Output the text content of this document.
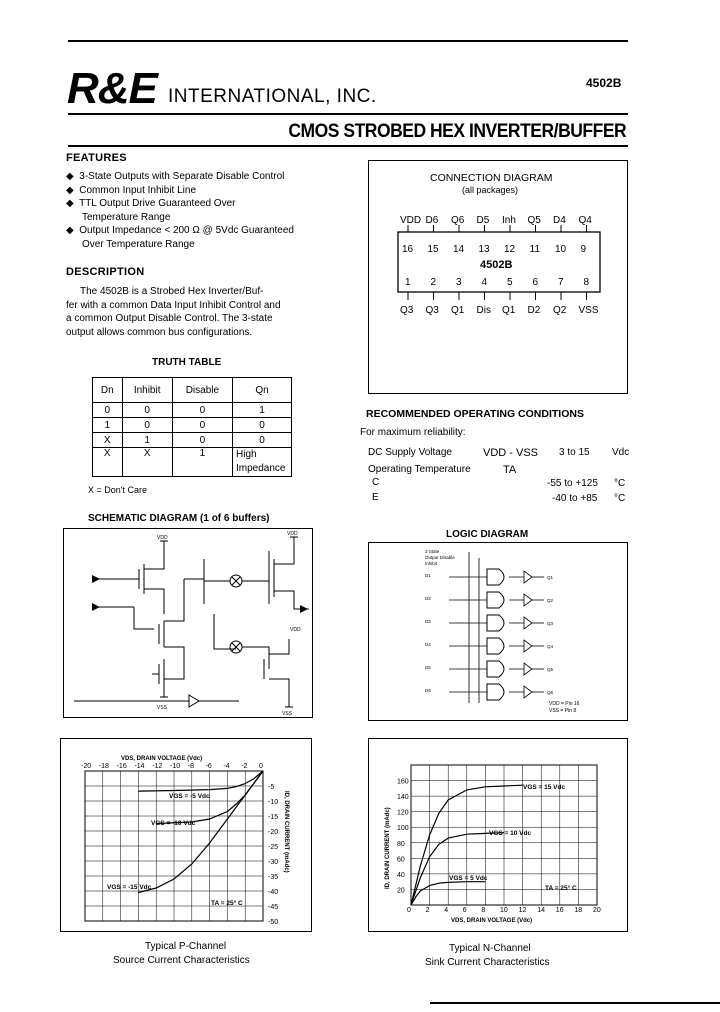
R&E INTERNATIONAL, INC.
4502B
CMOS STROBED HEX INVERTER/BUFFER
FEATURES
◆ 3-State Outputs with Separate Disable Control
◆ Common Input Inhibit Line
◆ TTL Output Drive Guaranteed Over
Temperature Range
◆ Output Impedance < 200 Ω @ 5Vdc Guaranteed
Over Temperature Range
DESCRIPTION
The 4502B is a Strobed Hex Inverter/Buf-
fer with a common Data Input Inhibit Control and
a common Output Disable Control. The 3-state
output allows common bus configurations.
TRUTH TABLE
Dn	Inhibit	Disable	Qn
0	0	0	1
1	0	0	0
X	1	0	0
X	X	1	High Impedance
X = Don't Care
CONNECTION DIAGRAM
(all packages)
VDD D6 Q6 D5 Inh Q5 D4 Q4
16
1
Q3
15
2
Q3
14
3
Q1
13
4
Dis
12
5
Q1
11
6
D2
10
7
Q2
9
8
VSS
4502B
RECOMMENDED OPERATING CONDITIONS
For maximum reliability:
DC Supply Voltage	VDD - VSS 3 to 15 Vdc
Operating Temperature	TA
C	-55 to +125 °C
E	-40 to +85 °C
SCHEMATIC DIAGRAM (1 of 6 buffers)
VDD
VDD
VDD
VSS
VSS
LOGIC DIAGRAM
3 State
Output Disable
Inhibit
D1
D2
D3
D4
D5
D6
Q1
Q2
Q3
Q4
Q5
Q6
VDD = Pin 16
VSS = Pin 8
-20 -18 -16 -14 -12 -10 -8 -6 -4 -2 0
-5
-10
-15
-20
-25
-30
-35
-40
-45
-50
VGS = -5 Vdc
VGS = -10 Vdc
VGS = -15 Vdc
TA = 25° C
VDS, DRAIN VOLTAGE (Vdc)
ID, DRAIN CURRENT (mAdc)
Typical P-Channel
Source Current Characteristics
0 2 4 6 8 10 12 14 16 18 20
20
40
60
80
100
120
140
160
VGS = 15 Vdc
VGS = 10 Vdc
VGS = 5 Vdc
TA = 25° C
VDS, DRAIN VOLTAGE (Vdc)
ID, DRAIN CURRENT (mAdc)
Typical N-Channel
Sink Current Characteristics
